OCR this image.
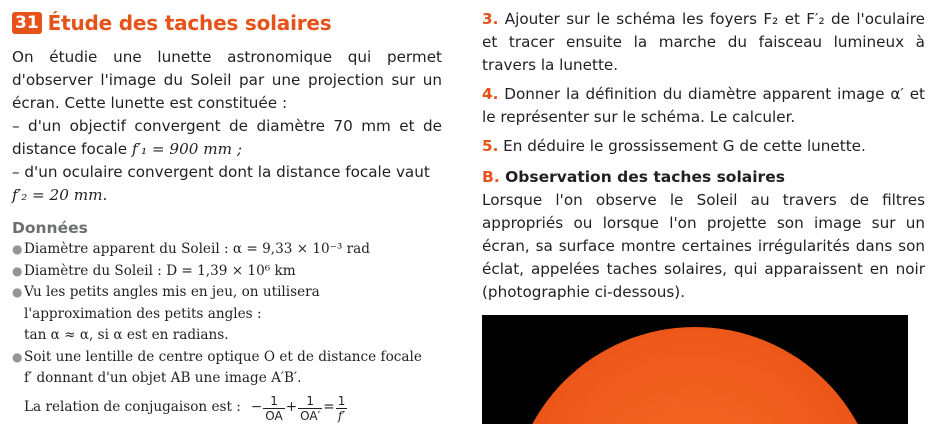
31 Étude des taches solaires
On étudie une lunette astronomique qui permet d'observer l'image du Soleil par une projection sur un écran. Cette lunette est constituée :
– d'un objectif convergent de diamètre 70 mm et de distance focale f′₁ = 900 mm ;
– d'un oculaire convergent dont la distance focale vaut
f′₂ = 20 mm.
Données
● Diamètre apparent du Soleil : α = 9,33 × 10⁻³ rad
● Diamètre du Soleil : D = 1,39 × 10⁶ km
● Vu les petits angles mis en jeu, on utilisera
l'approximation des petits angles :
tan α ≈ α, si α est en radians.
● Soit une lentille de centre optique O et de distance focale
f′ donnant d'un objet AB une image A′B′.
La relation de conjugaison est : − $\frac{1}{OA} + \frac{1}{OA'} = \frac{1}{f'}$
3. Ajouter sur le schéma les foyers F₂ et F′₂ de l'oculaire et tracer ensuite la marche du faisceau lumineux à travers la lunette.
4. Donner la définition du diamètre apparent image α′ et le représenter sur le schéma. Le calculer.
5. En déduire le grossissement G de cette lunette.
B. Observation des taches solaires
Lorsque l'on observe le Soleil au travers de filtres appropriés ou lorsque l'on projette son image sur un écran, sa surface montre certaines irrégularités dans son éclat, appelées taches solaires, qui apparaissent en noir (photographie ci-dessous).
